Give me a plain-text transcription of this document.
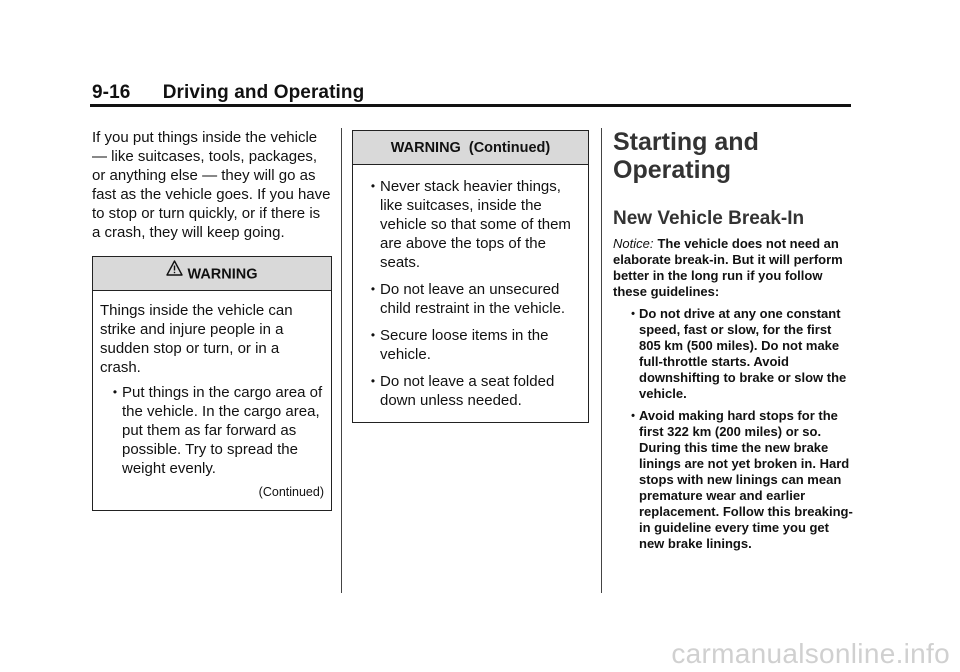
9-16      Driving and Operating

If you put things inside the vehicle — like suitcases, tools, packages, or anything else — they will go as fast as the vehicle goes. If you have to stop or turn quickly, or if there is a crash, they will keep going.

WARNING
Things inside the vehicle can strike and injure people in a sudden stop or turn, or in a crash.
• Put things in the cargo area of the vehicle. In the cargo area, put them as far forward as possible. Try to spread the weight evenly.
(Continued)
WARNING  (Continued)
• Never stack heavier things, like suitcases, inside the vehicle so that some of them are above the tops of the seats.
• Do not leave an unsecured child restraint in the vehicle.
• Secure loose items in the vehicle.
• Do not leave a seat folded down unless needed.
Starting and Operating
New Vehicle Break-In

Notice: The vehicle does not need an elaborate break-in. But it will perform better in the long run if you follow these guidelines:

• Do not drive at any one constant speed, fast or slow, for the first 805 km (500 miles). Do not make full-throttle starts. Avoid downshifting to brake or slow the vehicle.
• Avoid making hard stops for the first 322 km (200 miles) or so. During this time the new brake linings are not yet broken in. Hard stops with new linings can mean premature wear and earlier replacement. Follow this breaking-in guideline every time you get new brake linings.
carmanualsonline.info
